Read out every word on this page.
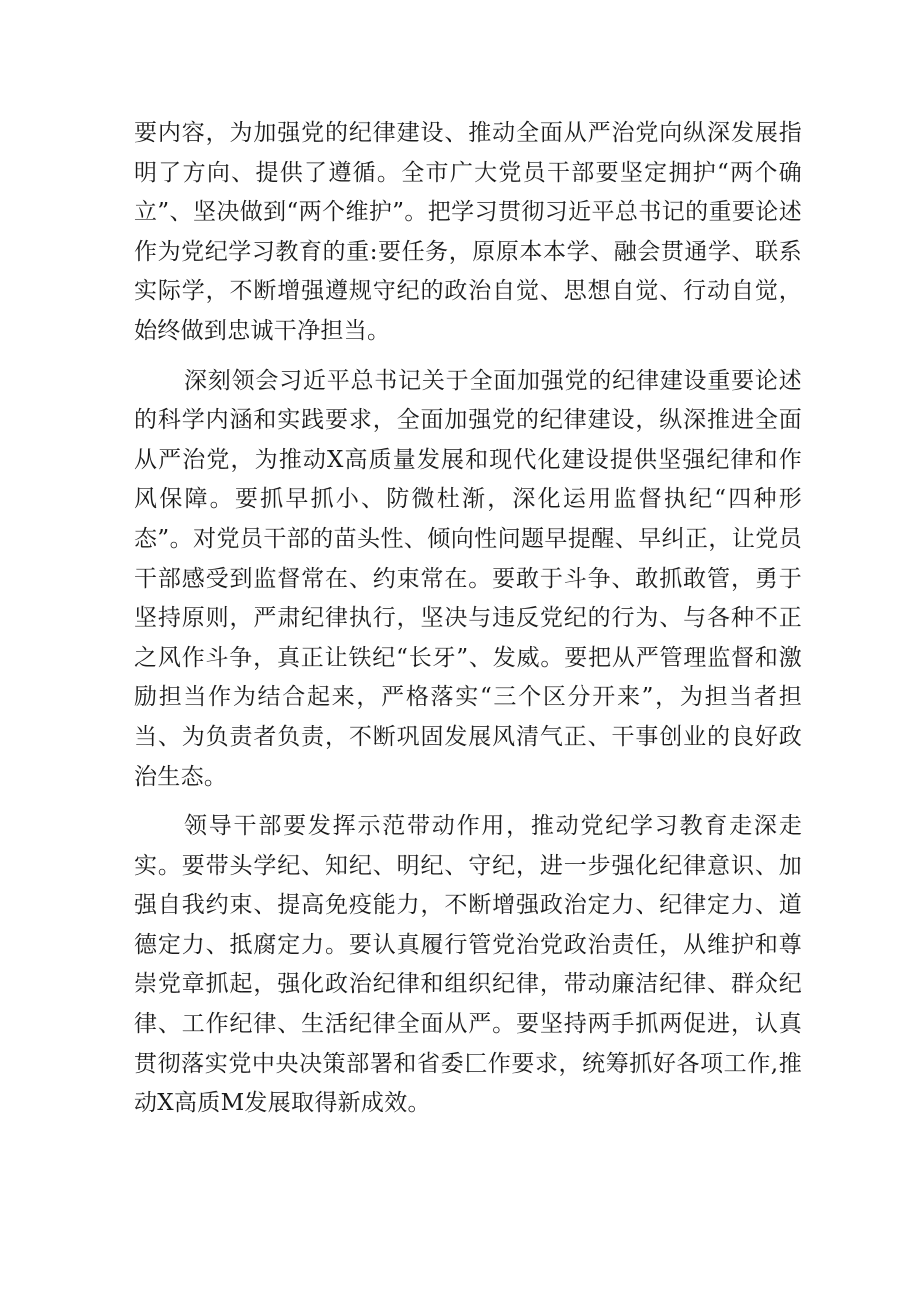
要内容，为加强党的纪律建设、推动全面从严治党向纵深发展指明了方向、提供了遵循。全市广大党员干部要坚定拥护“两个确立”、坚决做到“两个维护”。把学习贯彻习近平总书记的重要论述作为党纪学习教育的重:要任务，原原本本学、融会贯通学、联系实际学，不断增强遵规守纪的政治自觉、思想自觉、行动自觉，始终做到忠诚干净担当。

深刻领会习近平总书记关于全面加强党的纪律建设重要论述的科学内涵和实践要求，全面加强党的纪律建设，纵深推进全面从严治党，为推动X高质量发展和现代化建设提供坚强纪律和作风保障。要抓早抓小、防微杜渐，深化运用监督执纪“四种形态”。对党员干部的苗头性、倾向性问题早提醒、早纠正，让党员干部感受到监督常在、约束常在。要敢于斗争、敢抓敢管，勇于坚持原则，严肃纪律执行，坚决与违反党纪的行为、与各种不正之风作斗争，真正让铁纪“长牙”、发威。要把从严管理监督和激励担当作为结合起来，严格落实“三个区分开来”，为担当者担当、为负责者负责，不断巩固发展风清气正、干事创业的良好政治生态。

领导干部要发挥示范带动作用，推动党纪学习教育走深走实。要带头学纪、知纪、明纪、守纪，进一步强化纪律意识、加强自我约束、提高免疫能力，不断增强政治定力、纪律定力、道德定力、抵腐定力。要认真履行管党治党政治责任，从维护和尊崇党章抓起，强化政治纪律和组织纪律，带动廉洁纪律、群众纪律、工作纪律、生活纪律全面从严。要坚持两手抓两促进，认真贯彻落实党中央决策部署和省委匚作要求，统筹抓好各项工作,推动X高质M发展取得新成效。
